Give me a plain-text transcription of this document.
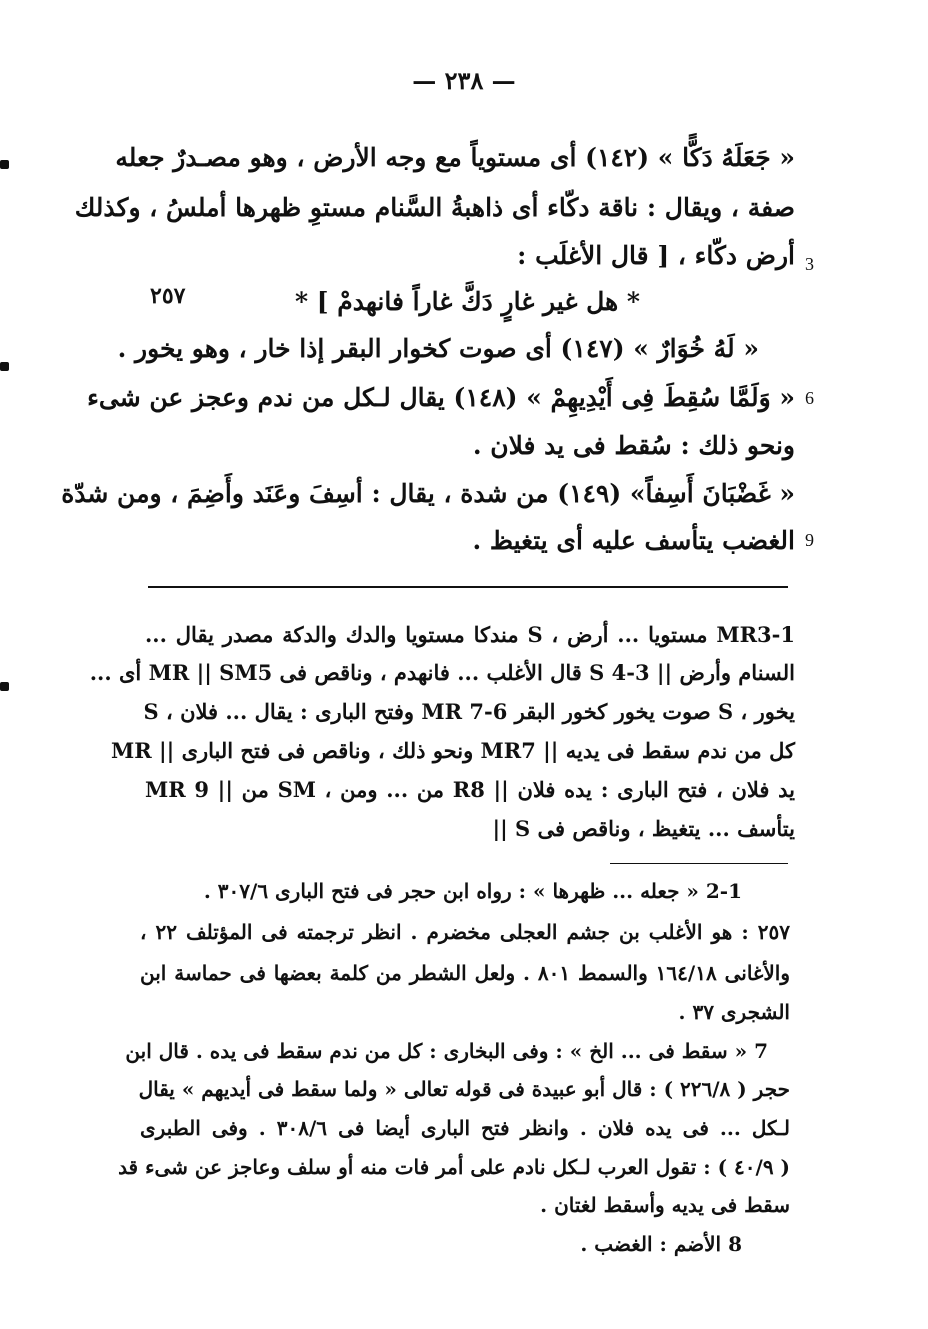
— ٢٣٨ —
« جَعَلَهُ دَكًّا » (١٤٢) أى مستوياً مع وجه الأرض ، وهو مصـدرٌ جعله
صفة ، ويقال : ناقة دكّاء أى ذاهبةُ السَّنام مستوِ ظهرها أملسُ ، وكذلك
أرض دكّاء ، [ قال الأغلَب :
* هل غير غارٍ دَكَّ غاراً فانهدمْ ] *
« لَهُ خُوَارٌ » (١٤٧) أى صوت كخوار البقر إذا خار ، وهو يخور .
« وَلَمَّا سُقِطَ فِى أَيْدِيهِمْ » (١٤٨) يقال لـكل من ندم وعجز عن شىء
ونحو ذلك : سُقط فى يد فلان .
« غَضْبَانَ أَسِفاً» (١٤٩) من شدة ، يقال : أسِفَ وعَنَد وأَضِمَ ، ومن شدّة
الغضب يتأسف عليه أى يتغيظ .
3
6
9
٢٥٧
MR3-1 مستويا ... أرض ، S مندكا مستويا والدك والدكة مصدر يقال ...
السنام وأرض || S 4-3 قال الأغلب ... فانهدم ، وناقص فى MR || SM5 أى ...
يخور ، S صوت يخور كخور البقر MR 7-6 وفتح البارى : يقال ... فلان ، S
كل من ندم سقط فى يديه || MR7 ونحو ذلك ، وناقص فى فتح البارى || MR
يد فلان ، فتح البارى : يده فلان || R8 من ... ومن ، SM من || MR 9
يتأسف ... يتغيظ ، وناقص فى S ||
2-1 « جعله ... ظهرها » : رواه ابن حجر فى فتح البارى ٣٠٧/٦ .
٢٥٧ : هو الأغلب بن جشم العجلى مخضرم . انظر ترجمته فى المؤتلف ٢٢ ،
والأغانى ١٦٤/١٨ والسمط ٨٠١ . ولعل الشطر من كلمة بعضها فى حماسة ابن
الشجرى ٣٧ .
7 « سقط فى ... الخ » : وفى البخارى : كل من ندم سقط فى يده . قال ابن
حجر ( ٢٢٦/٨ ) : قال أبو عبيدة فى قوله تعالى « ولما سقط فى أيديهم » يقال
لـكل ... فى يده فلان . وانظر فتح البارى أيضا فى ٣٠٨/٦ . وفى الطبرى
( ٤٠/٩ ) : تقول العرب لـكل نادم على أمر فات منه أو سلف وعاجز عن شىء قد
سقط فى يديه وأسقط لغتان .
8 الأضم : الغضب .
